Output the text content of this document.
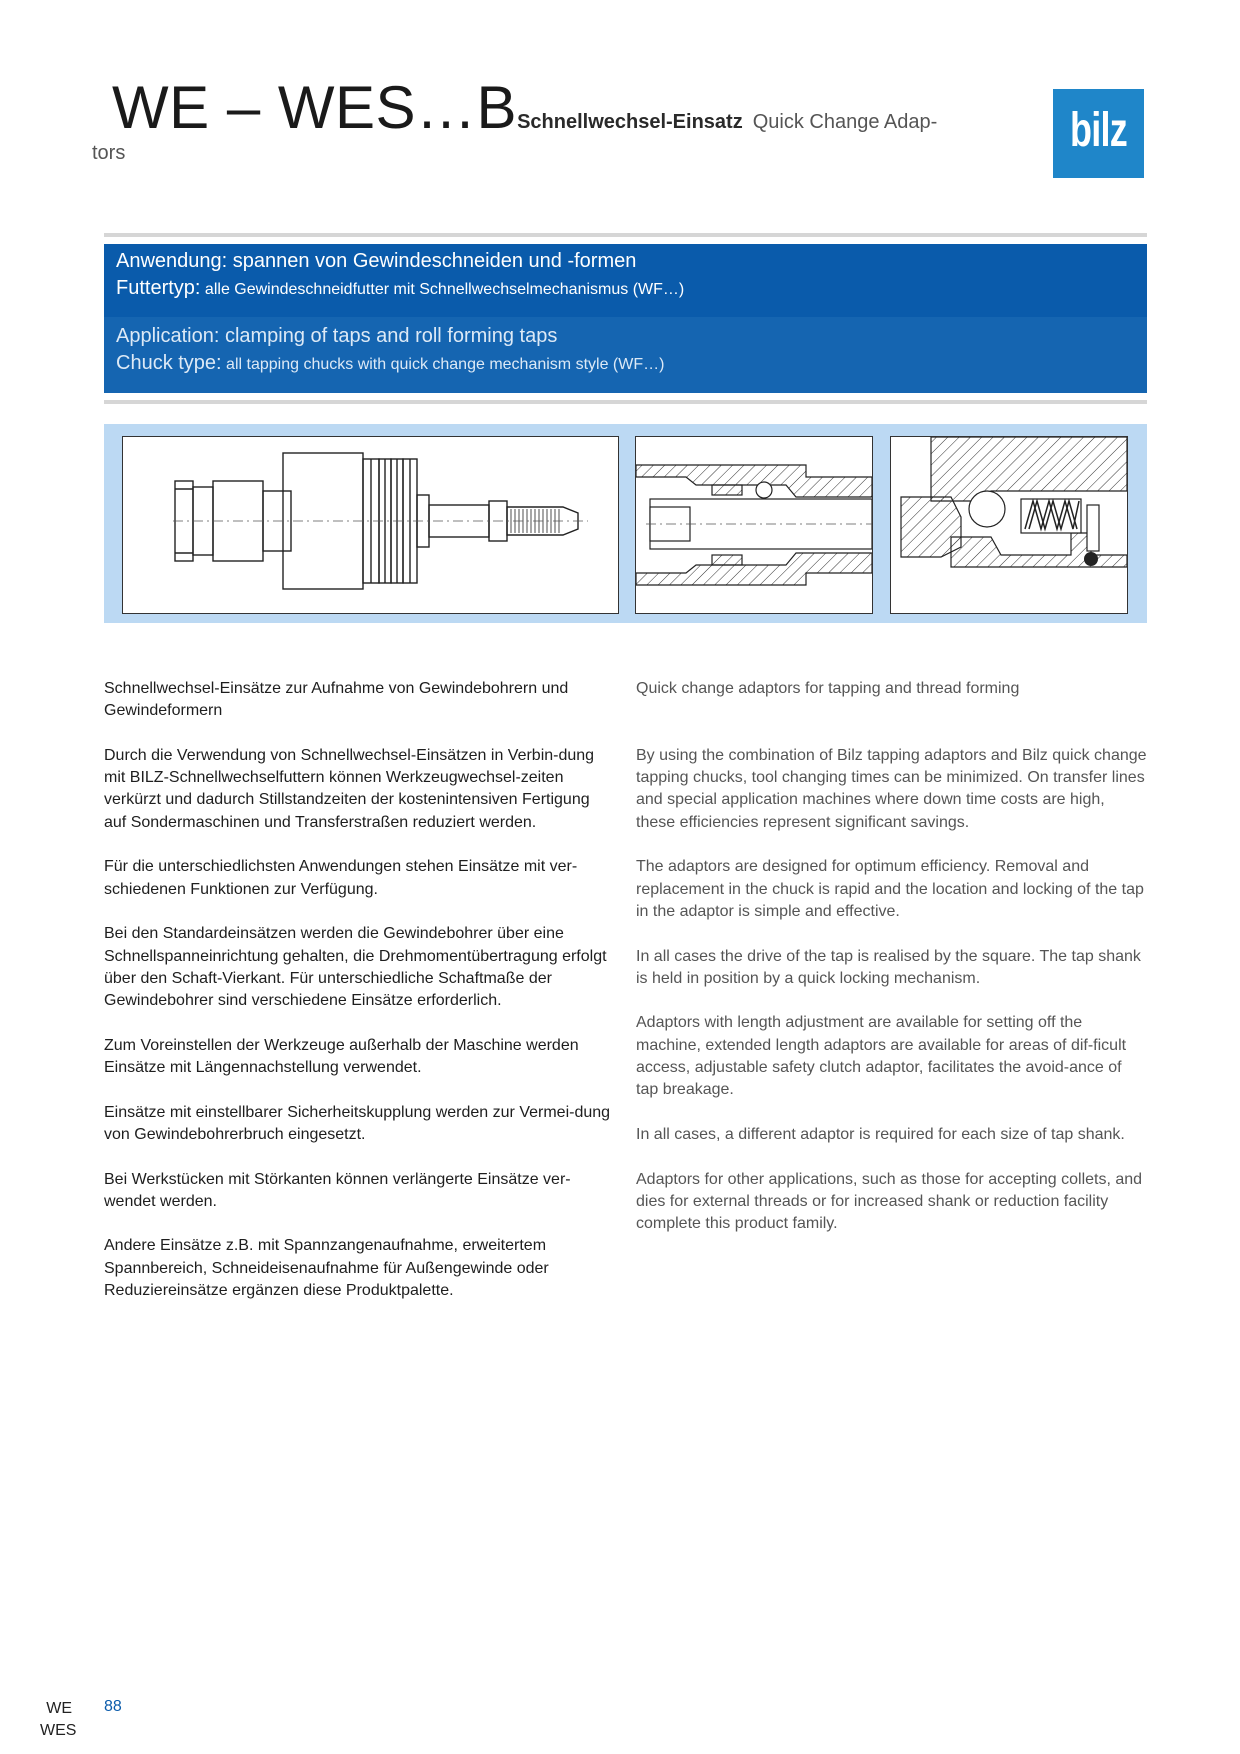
WE – WES…BSchnellwechsel-Einsatz Quick Change Adap-
tors	bilz
Anwendung: spannen von Gewindeschneiden und -formen
Futtertyp: alle Gewindeschneidfutter mit Schnellwechselmechanismus (WF…)
Application: clamping of taps and roll forming taps
Chuck type: all tapping chucks with quick change mechanism style (WF…)

Schnellwechsel-Einsätze zur Aufnahme von Gewindebohrern und Gewindeformern

Durch die Verwendung von Schnellwechsel-Einsätzen in Verbin-dung mit BILZ-Schnellwechselfuttern können Werkzeugwechsel-zeiten verkürzt und dadurch Stillstandzeiten der kostenintensiven Fertigung auf Sondermaschinen und Transferstraßen reduziert werden.

Für die unterschiedlichsten Anwendungen stehen Einsätze mit ver-schiedenen Funktionen zur Verfügung.

Bei den Standardeinsätzen werden die Gewindebohrer über eine Schnellspanneinrichtung gehalten, die Drehmomentübertragung erfolgt über den Schaft-Vierkant. Für unterschiedliche Schaftmaße der Gewindebohrer sind verschiedene Einsätze erforderlich.

Zum Voreinstellen der Werkzeuge außerhalb der Maschine werden Einsätze mit Längennachstellung verwendet.

Einsätze mit einstellbarer Sicherheitskupplung werden zur Vermei-dung von Gewindebohrerbruch eingesetzt.

Bei Werkstücken mit Störkanten können verlängerte Einsätze ver-wendet werden.

Andere Einsätze z.B. mit Spannzangenaufnahme, erweitertem Spannbereich, Schneideisenaufnahme für Außengewinde oder Reduziereinsätze ergänzen diese Produktpalette.

Quick change adaptors for tapping and thread forming

By using the combination of Bilz tapping adaptors and Bilz quick change tapping chucks, tool changing times can be minimized. On transfer lines and special application machines where down time costs are high, these efficiencies represent significant savings.

The adaptors are designed for optimum efficiency. Removal and replacement in the chuck is rapid and the location and locking of the tap in the adaptor is simple and effective.

In all cases the drive of the tap is realised by the square. The tap shank is held in position by a quick locking mechanism.

Adaptors with length adjustment are available for setting off the machine, extended length adaptors are available for areas of dif-ficult access, adjustable safety clutch adaptor, facilitates the avoid-ance of tap breakage.

In all cases, a different adaptor is required for each size of tap shank.

Adaptors for other applications, such as those for accepting collets, and dies for external threads or for increased shank or reduction facility complete this product family.

WE
WES
88
